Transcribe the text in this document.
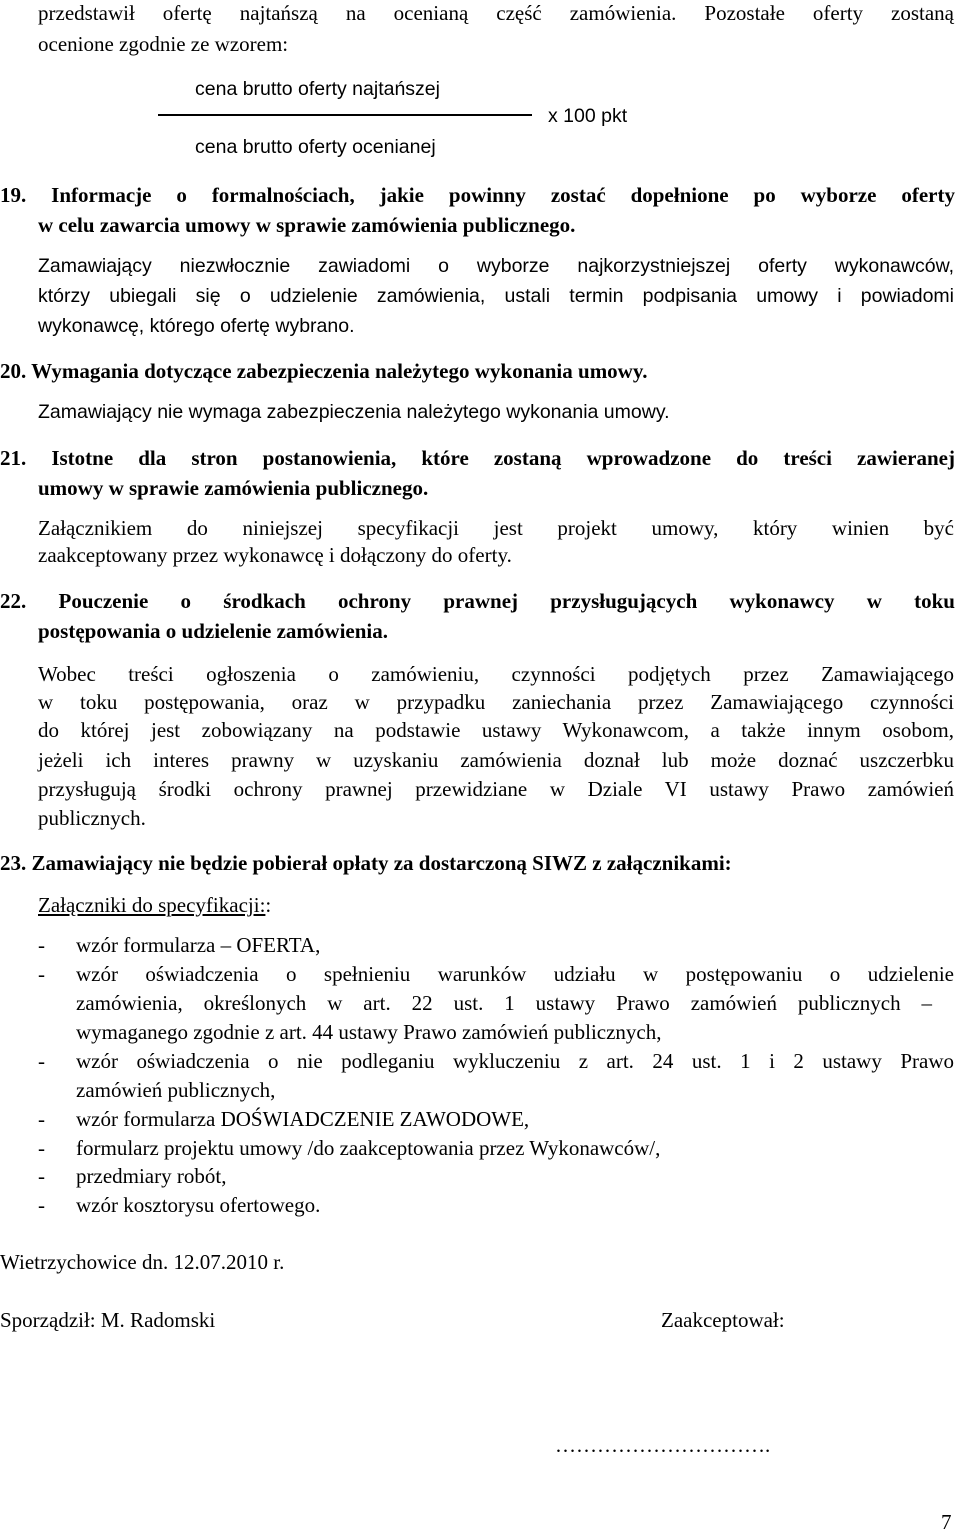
przedstawił ofertę najtańszą na ocenianą część zamówienia. Pozostałe oferty zostaną
ocenione zgodnie ze wzorem:
cena brutto oferty najtańszej
x 100 pkt
cena brutto oferty ocenianej
19. Informacje o formalnościach, jakie powinny zostać dopełnione po wyborze oferty
w celu zawarcia umowy w sprawie zamówienia publicznego.
Zamawiający niezwłocznie zawiadomi o wyborze najkorzystniejszej oferty wykonawców,
którzy ubiegali się o udzielenie zamówienia, ustali termin podpisania umowy i powiadomi
wykonawcę, którego ofertę wybrano.
20. Wymagania dotyczące zabezpieczenia należytego wykonania umowy.
Zamawiający nie wymaga zabezpieczenia należytego wykonania umowy.
21. Istotne dla stron postanowienia, które zostaną wprowadzone do treści zawieranej
umowy w sprawie zamówienia publicznego.
Załącznikiem do niniejszej specyfikacji jest projekt umowy, który winien być
zaakceptowany przez wykonawcę i dołączony do oferty.
22. Pouczenie o środkach ochrony prawnej przysługujących wykonawcy w toku
postępowania o udzielenie zamówienia.
Wobec treści ogłoszenia o zamówieniu, czynności podjętych przez Zamawiającego
w toku postępowania, oraz w przypadku zaniechania przez Zamawiającego czynności
do której jest zobowiązany na podstawie ustawy Wykonawcom, a także innym osobom,
jeżeli ich interes prawny w uzyskaniu zamówienia doznał lub może doznać uszczerbku
przysługują środki ochrony prawnej przewidziane w Dziale VI ustawy Prawo zamówień
publicznych.
23. Zamawiający nie będzie pobierał opłaty za dostarczoną SIWZ z załącznikami:
Załączniki do specyfikacji::
- wzór formularza – OFERTA,
- wzór oświadczenia o spełnieniu warunków udziału w postępowaniu o udzielenie
zamówienia, określonych w art. 22 ust. 1 ustawy Prawo zamówień publicznych –
wymaganego zgodnie z art. 44 ustawy Prawo zamówień publicznych,
- wzór oświadczenia o nie podleganiu wykluczeniu z art. 24 ust. 1 i 2 ustawy Prawo
zamówień publicznych,
- wzór formularza DOŚWIADCZENIE ZAWODOWE,
- formularz projektu umowy /do zaakceptowania przez Wykonawców/,
- przedmiary robót,
- wzór kosztorysu ofertowego.
Wietrzychowice dn. 12.07.2010 r.
Sporządził: M. Radomski	Zaakceptował:
………………………….
7
